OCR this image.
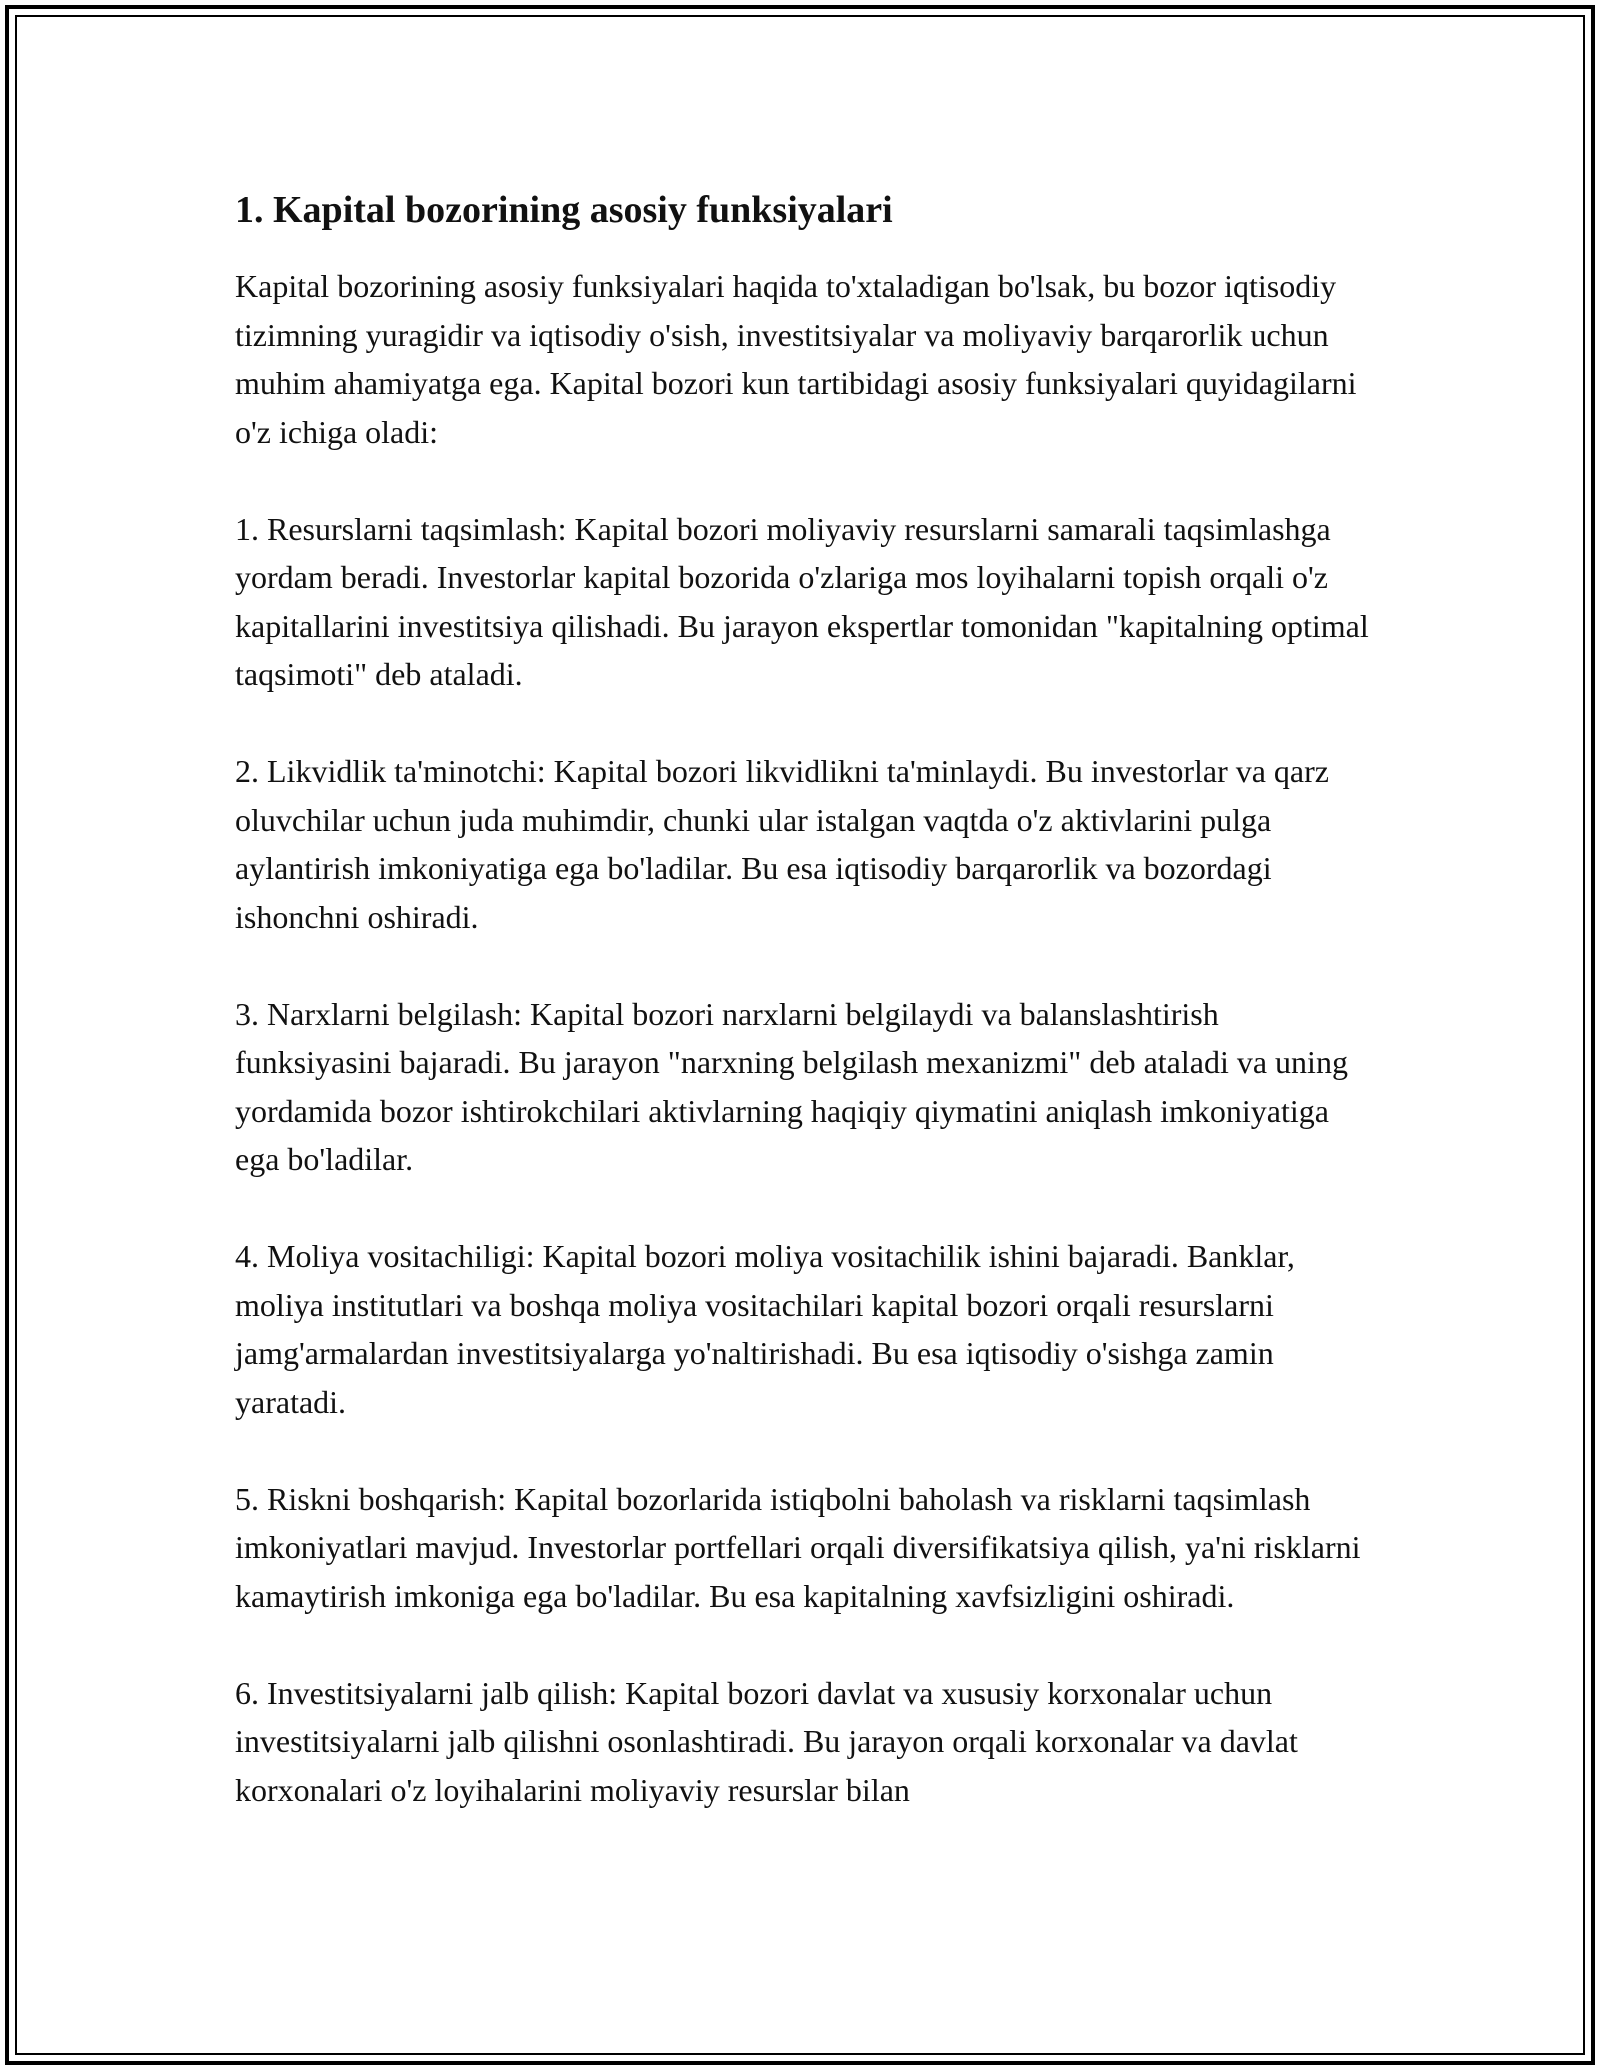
1. Kapital bozorining asosiy funksiyalari

Kapital bozorining asosiy funksiyalari haqida to'xtaladigan bo'lsak, bu bozor iqtisodiy tizimning yuragidir va iqtisodiy o'sish, investitsiyalar va moliyaviy barqarorlik uchun muhim ahamiyatga ega. Kapital bozori kun tartibidagi asosiy funksiyalari quyidagilarni o'z ichiga oladi:

1. Resurslarni taqsimlash: Kapital bozori moliyaviy resurslarni samarali taqsimlashga yordam beradi. Investorlar kapital bozorida o'zlariga mos loyihalarni topish orqali o'z kapitallarini investitsiya qilishadi. Bu jarayon ekspertlar tomonidan "kapitalning optimal taqsimoti" deb ataladi.

2. Likvidlik ta'minotchi: Kapital bozori likvidlikni ta'minlaydi. Bu investorlar va qarz oluvchilar uchun juda muhimdir, chunki ular istalgan vaqtda o'z aktivlarini pulga aylantirish imkoniyatiga ega bo'ladilar. Bu esa iqtisodiy barqarorlik va bozordagi ishonchni oshiradi.

3. Narxlarni belgilash: Kapital bozori narxlarni belgilaydi va balanslashtirish funksiyasini bajaradi. Bu jarayon "narxning belgilash mexanizmi" deb ataladi va uning yordamida bozor ishtirokchilari aktivlarning haqiqiy qiymatini aniqlash imkoniyatiga ega bo'ladilar.

4. Moliya vositachiligi: Kapital bozori moliya vositachilik ishini bajaradi. Banklar, moliya institutlari va boshqa moliya vositachilari kapital bozori orqali resurslarni jamg'armalardan investitsiyalarga yo'naltirishadi. Bu esa iqtisodiy o'sishga zamin yaratadi.

5. Riskni boshqarish: Kapital bozorlarida istiqbolni baholash va risklarni taqsimlash imkoniyatlari mavjud. Investorlar portfellari orqali diversifikatsiya qilish, ya'ni risklarni kamaytirish imkoniga ega bo'ladilar. Bu esa kapitalning xavfsizligini oshiradi.

6. Investitsiyalarni jalb qilish: Kapital bozori davlat va xususiy korxonalar uchun investitsiyalarni jalb qilishni osonlashtiradi. Bu jarayon orqali korxonalar va davlat korxonalari o'z loyihalarini moliyaviy resurslar bilan
